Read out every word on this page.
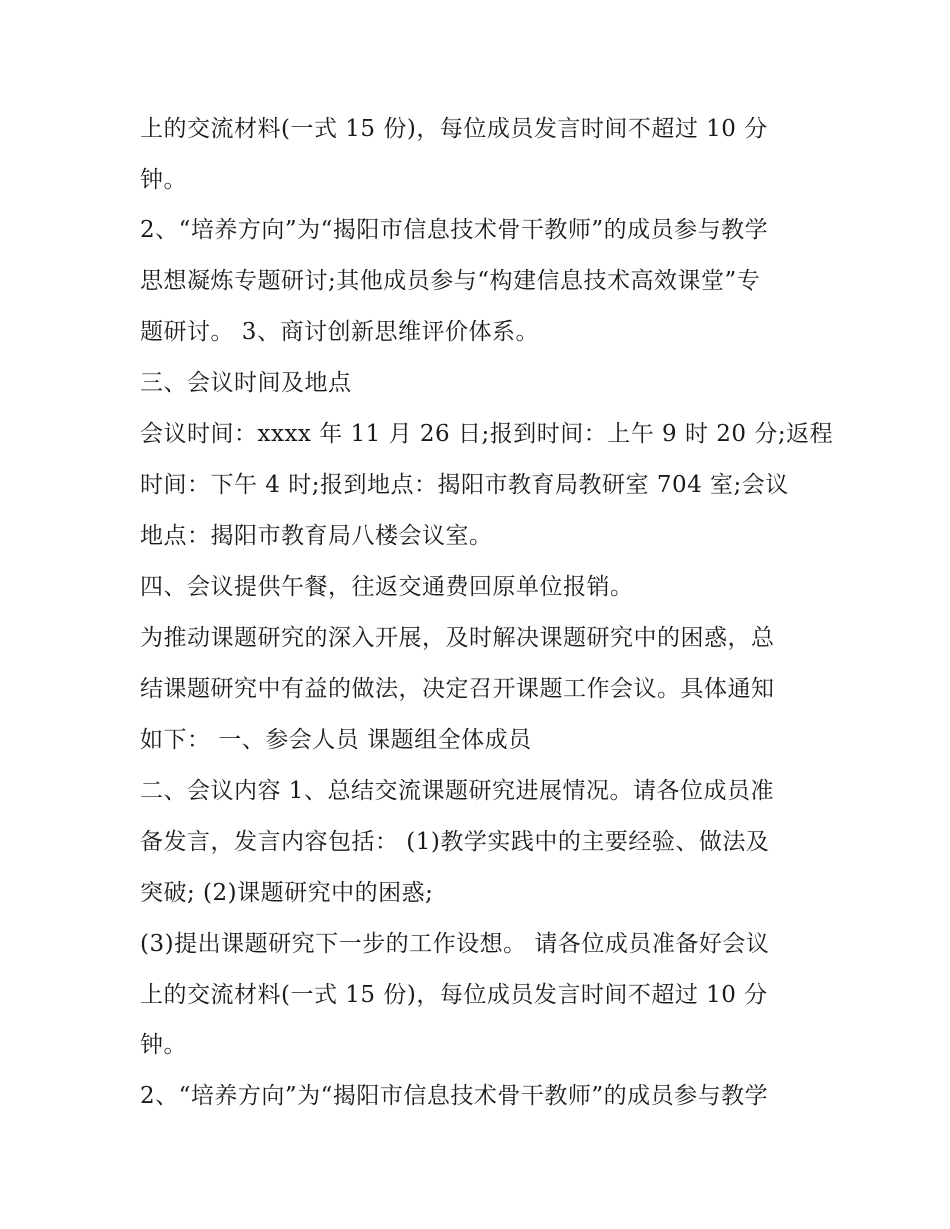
上的交流材料(一式 15 份)，每位成员发言时间不超过 10 分
钟。
2、“培养方向”为“揭阳市信息技术骨干教师”的成员参与教学
思想凝炼专题研讨;其他成员参与“构建信息技术高效课堂”专
题研讨。 3、商讨创新思维评价体系。
三、会议时间及地点
会议时间：xxxx 年 11 月 26 日;报到时间：上午 9 时 20 分;返程
时间：下午 4 时;报到地点：揭阳市教育局教研室 704 室;会议
地点：揭阳市教育局八楼会议室。
四、会议提供午餐，往返交通费回原单位报销。
为推动课题研究的深入开展，及时解决课题研究中的困惑，总
结课题研究中有益的做法，决定召开课题工作会议。具体通知
如下： 一、参会人员 课题组全体成员
二、会议内容 1、总结交流课题研究进展情况。请各位成员准
备发言，发言内容包括： (1)教学实践中的主要经验、做法及
突破; (2)课题研究中的困惑;
(3)提出课题研究下一步的工作设想。 请各位成员准备好会议
上的交流材料(一式 15 份)，每位成员发言时间不超过 10 分
钟。
2、“培养方向”为“揭阳市信息技术骨干教师”的成员参与教学
